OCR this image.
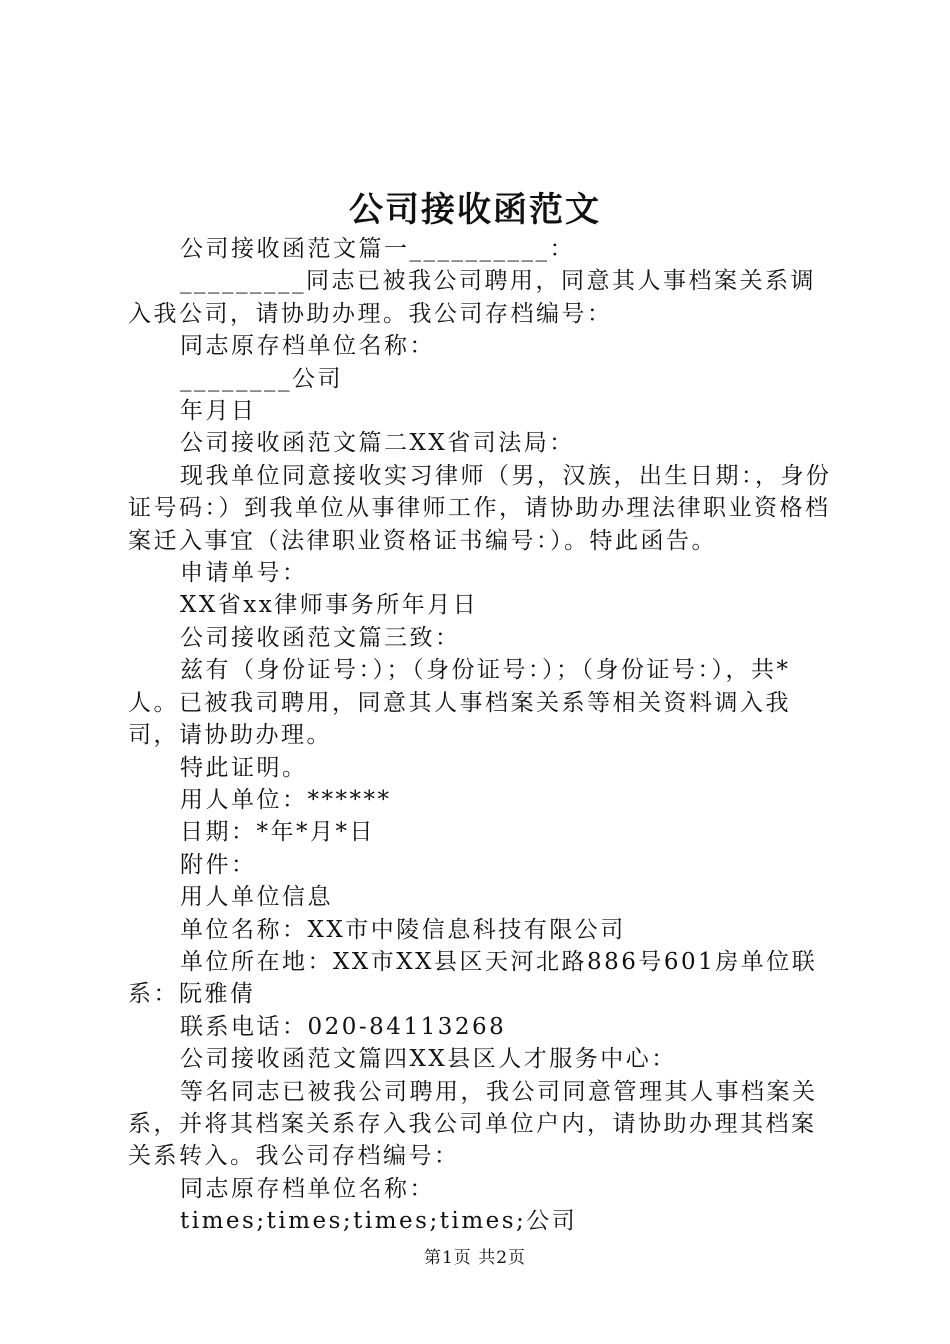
公司接收函范文

公司接收函范文篇一__________：

_________同志已被我公司聘用，同意其人事档案关系调入我公司，请协助办理。我公司存档编号：

同志原存档单位名称：

________公司

年月日

公司接收函范文篇二XX省司法局：

现我单位同意接收实习律师（男，汉族，出生日期：，身份证号码：）到我单位从事律师工作，请协助办理法律职业资格档案迁入事宜（法律职业资格证书编号：）。特此函告。

申请单号：

XX省xx律师事务所年月日

公司接收函范文篇三致：

兹有（身份证号：）；（身份证号：）；（身份证号：），共*人。已被我司聘用，同意其人事档案关系等相关资料调入我司，请协助办理。

特此证明。

用人单位：******

日期：*年*月*日

附件：

用人单位信息

单位名称：XX市中陵信息科技有限公司

单位所在地：XX市XX县区天河北路886号601房单位联系：阮雅倩

联系电话：020-84113268

公司接收函范文篇四XX县区人才服务中心：

等名同志已被我公司聘用，我公司同意管理其人事档案关系，并将其档案关系存入我公司单位户内，请协助办理其档案关系转入。我公司存档编号：

同志原存档单位名称：

times;times;times;times;公司

第1页 共2页
